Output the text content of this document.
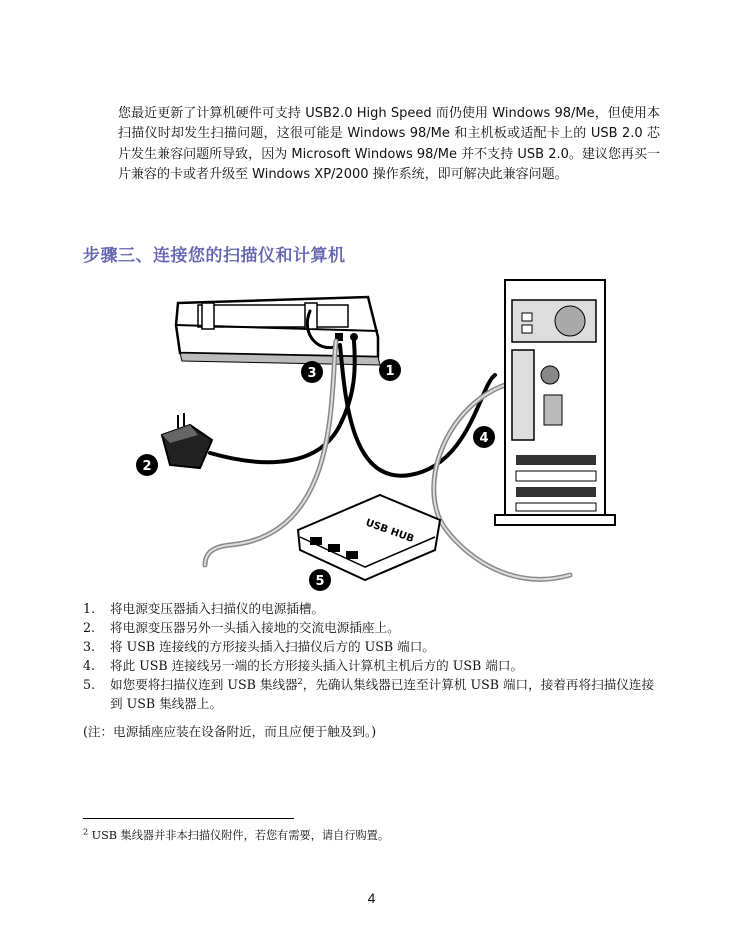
您最近更新了计算机硬件可支持 USB2.0 High Speed 而仍使用 Windows 98/Me，但使用本扫描仪时却发生扫描问题，这很可能是 Windows 98/Me 和主机板或适配卡上的 USB 2.0 芯片发生兼容问题所导致，因为 Microsoft Windows 98/Me 并不支持 USB 2.0。建议您再买一片兼容的卡或者升级至 Windows XP/2000 操作系统，即可解决此兼容问题。
步骤三、连接您的扫描仪和计算机
USB HUB
1
2
3
4
5
1. 将电源变压器插入扫描仪的电源插槽。
2. 将电源变压器另外一头插入接地的交流电源插座上。
3. 将 USB 连接线的方形接头插入扫描仪后方的 USB 端口。
4. 将此 USB 连接线另一端的长方形接头插入计算机主机后方的 USB 端口。
5. 如您要将扫描仪连到 USB 集线器$^2$，先确认集线器已连至计算机 USB 端口，接着再将扫描仪连接到 USB 集线器上。
(注：电源插座应装在设备附近，而且应便于触及到。)
$^2$ USB 集线器并非本扫描仪附件，若您有需要，请自行购置。
4
